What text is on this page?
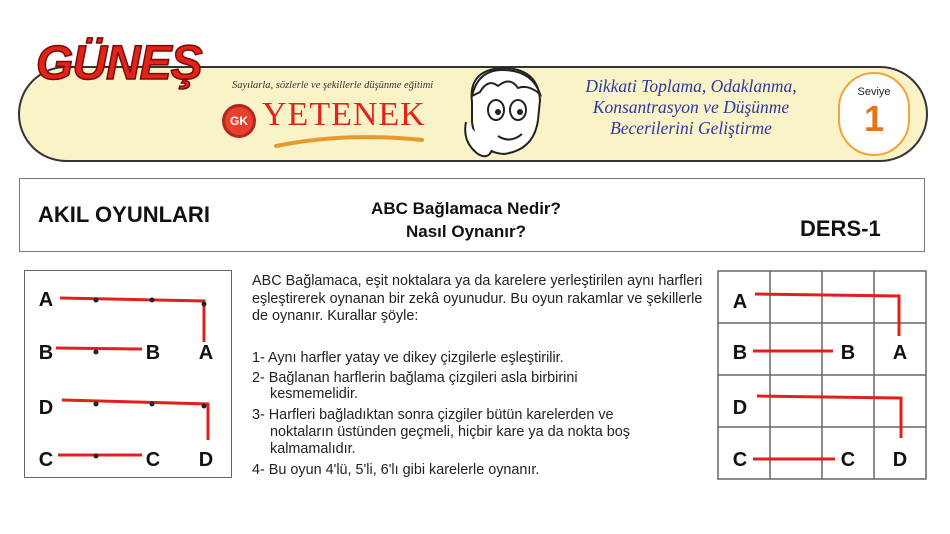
GÜNEŞ	Sayılarla, sözlerle ve şekillerle düşünme eğitimi
GK YETENEK
Dikkati Toplama, Odaklanma,
Konsantrasyon ve Düşünme
Becerilerini Geliştirme
Seviye
1
AKIL OYUNLARI	ABC Bağlamaca Nedir?
Nasıl Oynanır?	DERS-1
A
B	B A
D
C	C D
ABC Bağlamaca, eşit noktalara ya da karelere yerleştirilen aynı harfleri eşleştirerek oynanan bir zekâ oyunudur. Bu oyun rakamlar ve şekillerle de oynanır. Kurallar şöyle:
1- Aynı harfler yatay ve dikey çizgilerle eşleştirilir.
2- Bağlanan harflerin bağlama çizgileri asla birbirini
kesmemelidir.
3- Harfleri bağladıktan sonra çizgiler bütün karelerden ve
noktaların üstünden geçmeli, hiçbir kare ya da nokta boş
kalmamalıdır.
4- Bu oyun 4'lü, 5'li, 6'lı gibi karelerle oynanır.
A
B	B A
D
C	C D
